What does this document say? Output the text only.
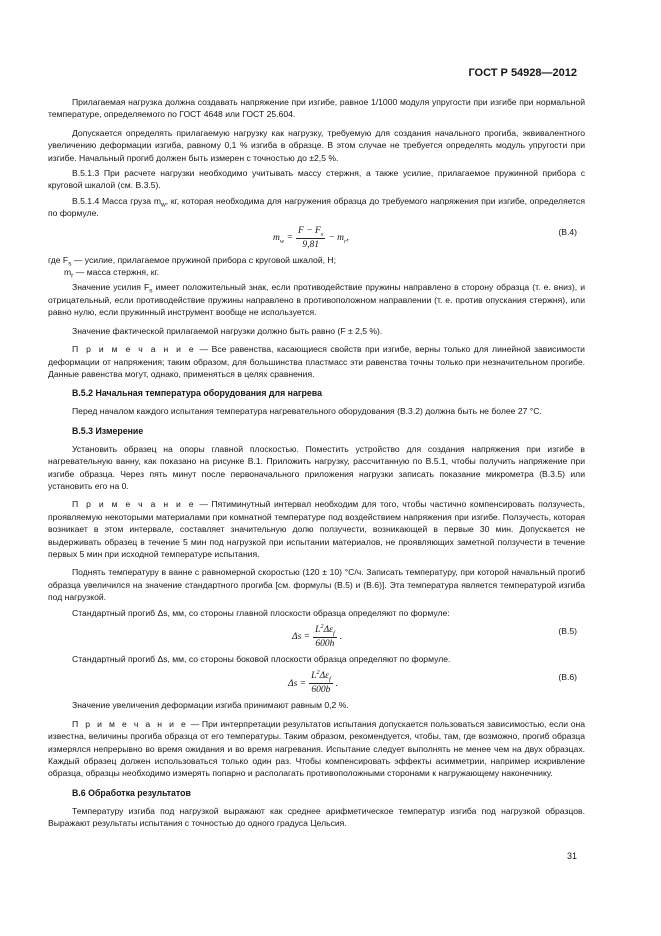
ГОСТ Р 54928—2012

Прилагаемая нагрузка должна создавать напряжение при изгибе, равное 1/1000 модуля упругости при изгибе при нормальной температуре, определяемого по ГОСТ 4648 или ГОСТ 25.604.

Допускается определять прилагаемую нагрузку как нагрузку, требуемую для создания начального прогиба, эквивалентного увеличению деформации изгиба, равному 0,1 % изгиба в образце. В этом случае не требуется определять модуль упругости при изгибе. Начальный прогиб должен быть измерен с точностью до ±2,5 %.

В.5.1.3 При расчете нагрузки необходимо учитывать массу стержня, а также усилие, прилагаемое пружинной прибора с круговой шкалой (см. В.3.5).

В.5.1.4 Масса груза $m_w$, кг, которая необходима для нагружения образца до требуемого напряжения при изгибе, определяется по формуле.

$m_w = \frac{F - F_s}{9,81} - m_r$,
(В.4)

где $F_s$ — усилие, прилагаемое пружиной прибора с круговой шкалой, Н;

$m_r$ — масса стержня, кг.

Значение усилия $F_s$ имеет положительный знак, если противодействие пружины направлено в сторону образца (т. е. вниз), и отрицательный, если противодействие пружины направлено в противоположном направлении (т. е. против опускания стержня), или равно нулю, если пружинный инструмент вообще не используется.

Значение фактической прилагаемой нагрузки должно быть равно (F ± 2,5 %).

П р и м е ч а н и е — Все равенства, касающиеся свойств при изгибе, верны только для линейной зависимости деформации от напряжения; таким образом, для большинства пластмасс эти равенства точны только при незначительном прогибе. Данные равенства могут, однако, применяться в целях сравнения.

В.5.2 Начальная температура оборудования для нагрева

Перед началом каждого испытания температура нагревательного оборудования (В.3.2) должна быть не более 27 °С.

В.5.3 Измерение

Установить образец на опоры главной плоскостью. Поместить устройство для создания напряжения при изгибе в нагревательную ванну, как показано на рисунке В.1. Приложить нагрузку, рассчитанную по В.5.1, чтобы получить напряжение при изгибе образца. Через пять минут после первоначального приложения нагрузки записать показание микрометра (В.3.5) или установить его на 0.

П р и м е ч а н и е — Пятиминутный интервал необходим для того, чтобы частично компенсировать ползучесть, проявляемую некоторыми материалами при комнатной температуре под воздействием напряжения при изгибе. Ползучесть, которая возникает в этом интервале, составляет значительную долю ползучести, возникающей в первые 30 мин. Допускается не выдерживать образец в течение 5 мин под нагрузкой при испытании материалов, не проявляющих заметной ползучести в течение первых 5 мин при исходной температуре испытания.

Поднять температуру в ванне с равномерной скоростью (120 ± 10) °С/ч. Записать температуру, при которой начальный прогиб образца увеличился на значение стандартного прогиба [см. формулы (В.5) и (В.6)]. Эта температура является температурой изгиба под нагрузкой.

Стандартный прогиб Δs, мм, со стороны главной плоскости образца определяют по формуле:

$\Delta s = \frac{L^2\Delta\varepsilon_f}{600h}$ .
(В.5)

Стандартный прогиб Δs, мм, со стороны боковой плоскости образца определяют по формуле.

$\Delta s = \frac{L^2\Delta\varepsilon_f}{600b}$ .
(В.6)

Значение увеличения деформации изгиба принимают равным 0,2 %.

П р и м е ч а н и е — При интерпретации результатов испытания допускается пользоваться зависимостью, если она известна, величины прогиба образца от его температуры. Таким образом, рекомендуется, чтобы, там, где возможно, прогиб образца измерялся непрерывно во время ожидания и во время нагревания. Испытание следует выполнять не менее чем на двух образцах. Каждый образец должен использоваться только один раз. Чтобы компенсировать эффекты асимметрии, например искривление образца, образцы необходимо измерять попарно и располагать противоположными сторонами к нагружающему наконечнику.

В.6 Обработка результатов

Температуру изгиба под нагрузкой выражают как среднее арифметическое температур изгиба под нагрузкой образцов. Выражают результаты испытания с точностью до одного градуса Цельсия.

31
